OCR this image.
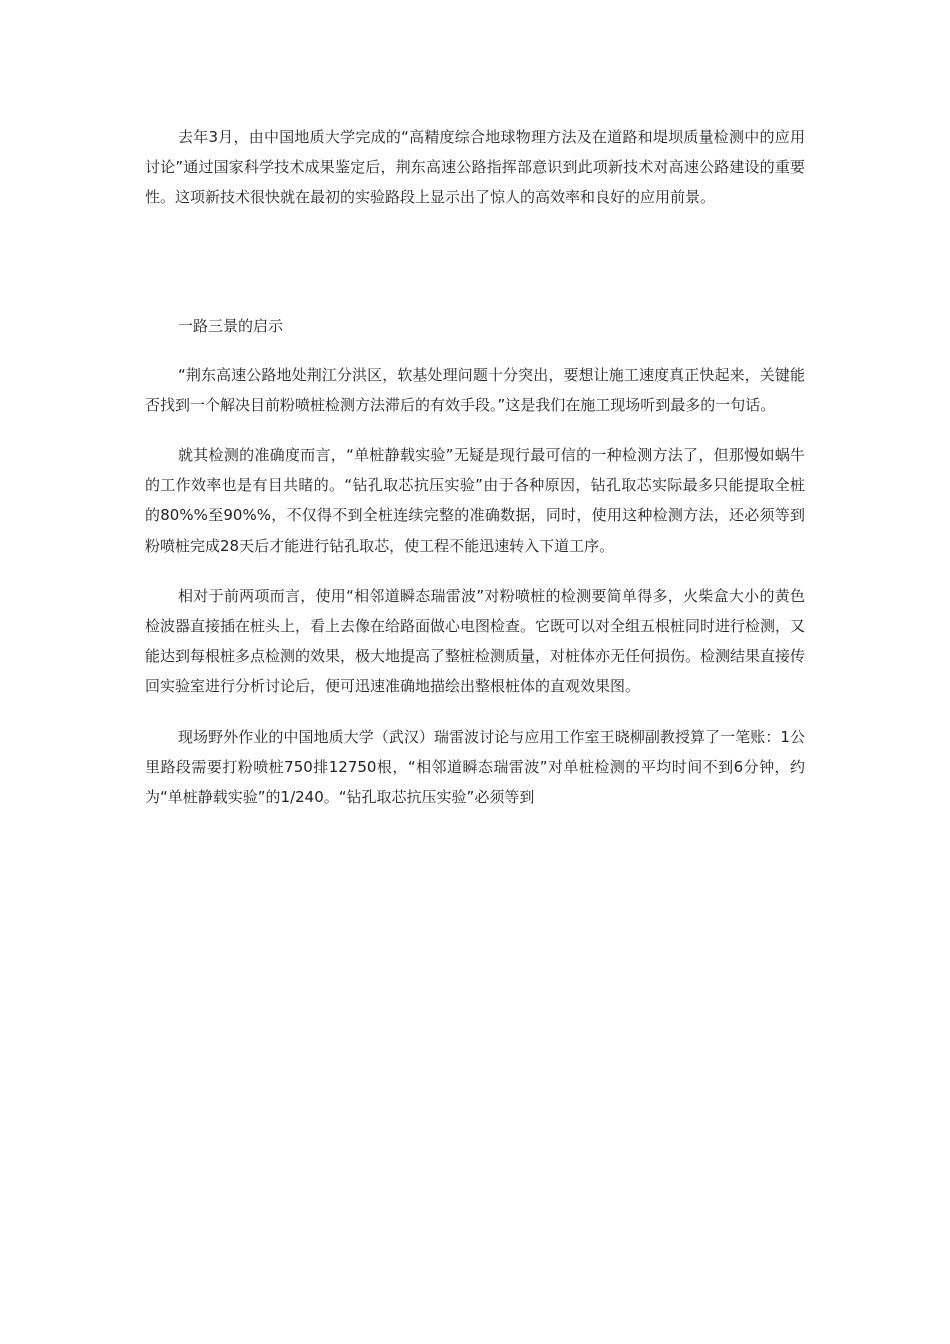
去年3月，由中国地质大学完成的“高精度综合地球物理方法及在道路和堤坝质量检测中的应用讨论”通过国家科学技术成果鉴定后，荆东高速公路指挥部意识到此项新技术对高速公路建设的重要性。这项新技术很快就在最初的实验路段上显示出了惊人的高效率和良好的应用前景。

一路三景的启示

“荆东高速公路地处荆江分洪区，软基处理问题十分突出，要想让施工速度真正快起来，关键能否找到一个解决目前粉喷桩检测方法滞后的有效手段。”这是我们在施工现场听到最多的一句话。

就其检测的准确度而言，“单桩静载实验”无疑是现行最可信的一种检测方法了，但那慢如蜗牛的工作效率也是有目共睹的。“钻孔取芯抗压实验”由于各种原因，钻孔取芯实际最多只能提取全桩的80%%至90%%，不仅得不到全桩连续完整的准确数据，同时，使用这种检测方法，还必须等到粉喷桩完成28天后才能进行钻孔取芯，使工程不能迅速转入下道工序。

相对于前两项而言，使用“相邻道瞬态瑞雷波”对粉喷桩的检测要简单得多，火柴盒大小的黄色检波器直接插在桩头上，看上去像在给路面做心电图检查。它既可以对全组五根桩同时进行检测，又能达到每根桩多点检测的效果，极大地提高了整桩检测质量，对桩体亦无任何损伤。检测结果直接传回实验室进行分析讨论后，便可迅速准确地描绘出整根桩体的直观效果图。

现场野外作业的中国地质大学（武汉）瑞雷波讨论与应用工作室王晓柳副教授算了一笔账：1公里路段需要打粉喷桩750排12750根，“相邻道瞬态瑞雷波”对单桩检测的平均时间不到6分钟，约为“单桩静载实验”的1/240。“钻孔取芯抗压实验”必须等到
